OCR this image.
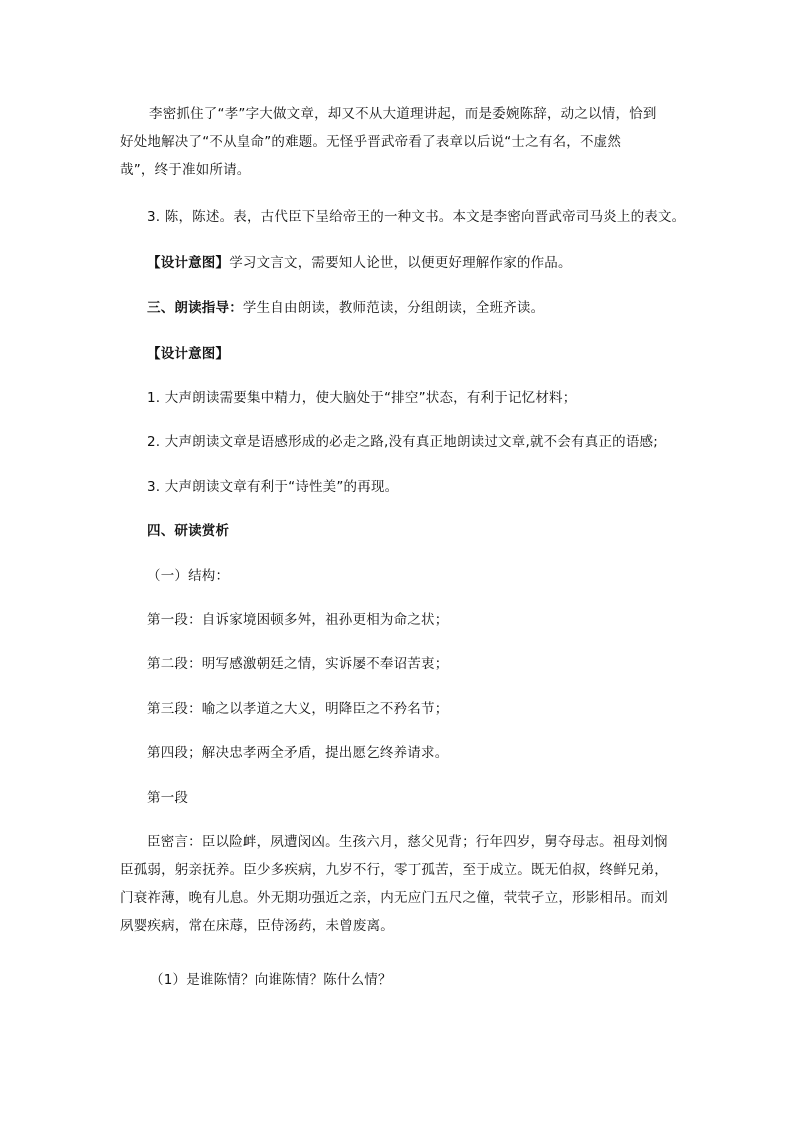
李密抓住了“孝”字大做文章，却又不从大道理讲起，而是委婉陈辞，动之以情，恰到
好处地解决了“不从皇命”的难题。无怪乎晋武帝看了表章以后说“士之有名，不虚然
哉”，终于准如所请。
3. 陈，陈述。表，古代臣下呈给帝王的一种文书。本文是李密向晋武帝司马炎上的表文。
【设计意图】学习文言文，需要知人论世，以便更好理解作家的作品。
三、朗读指导：学生自由朗读，教师范读，分组朗读，全班齐读。
【设计意图】
1. 大声朗读需要集中精力，使大脑处于“排空”状态，有利于记忆材料；
2. 大声朗读文章是语感形成的必走之路,没有真正地朗读过文章,就不会有真正的语感;
3. 大声朗读文章有利于“诗性美”的再现。
四、研读赏析
（一）结构：
第一段：自诉家境困顿多舛，祖孙更相为命之状；
第二段：明写感激朝廷之情，实诉屡不奉诏苦衷；
第三段：喻之以孝道之大义，明降臣之不矜名节；
第四段；解决忠孝两全矛盾，提出愿乞终养请求。
第一段
臣密言：臣以险衅，夙遭闵凶。生孩六月，慈父见背；行年四岁，舅夺母志。祖母刘悯
臣孤弱，躬亲抚养。臣少多疾病，九岁不行，零丁孤苦，至于成立。既无伯叔，终鲜兄弟，
门衰祚薄，晚有儿息。外无期功强近之亲，内无应门五尺之僮，茕茕孑立，形影相吊。而刘
夙婴疾病，常在床蓐，臣侍汤药，未曾废离。
（1）是谁陈情？向谁陈情？陈什么情？
